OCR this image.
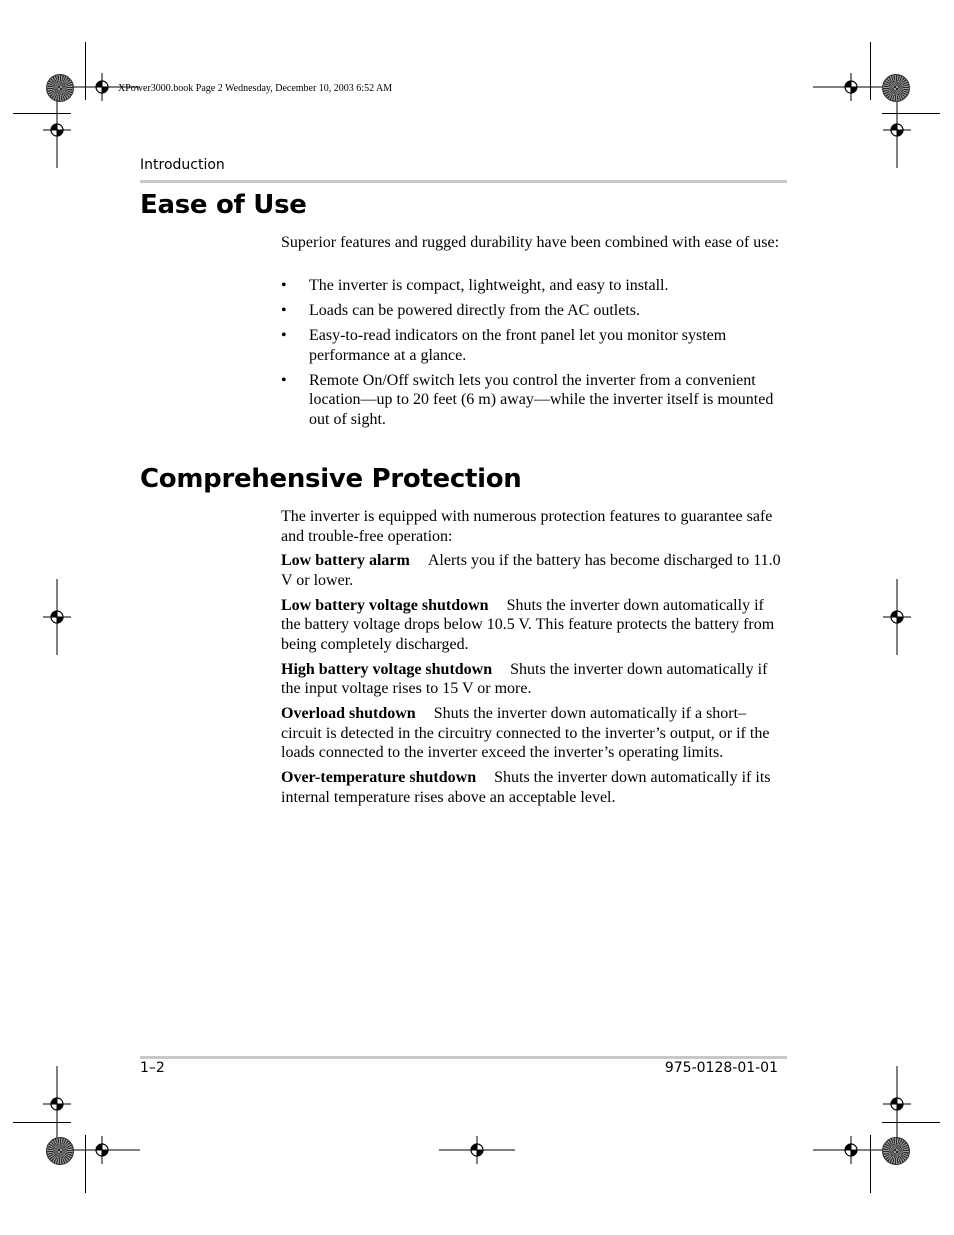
XPower3000.book Page 2 Wednesday, December 10, 2003 6:52 AM
Introduction
Ease of Use

Superior features and rugged durability have been combined with ease of use:

• The inverter is compact, lightweight, and easy to install.
• Loads can be powered directly from the AC outlets.
• Easy-to-read indicators on the front panel let you monitor system performance at a glance.
• Remote On/Off switch lets you control the inverter from a convenient location—up to 20 feet (6 m) away—while the inverter itself is mounted out of sight.
Comprehensive Protection

The inverter is equipped with numerous protection features to guarantee safe and trouble-free operation:

Low battery alarm Alerts you if the battery has become discharged to 11.0 V or lower.

Low battery voltage shutdown Shuts the inverter down automatically if the battery voltage drops below 10.5 V. This feature protects the battery from being completely discharged.

High battery voltage shutdown Shuts the inverter down automatically if the input voltage rises to 15 V or more.

Overload shutdown Shuts the inverter down automatically if a short–circuit is detected in the circuitry connected to the inverter’s output, or if the loads connected to the inverter exceed the inverter’s operating limits.

Over-temperature shutdown Shuts the inverter down automatically if its internal temperature rises above an acceptable level.

1–2	975-0128-01-01
